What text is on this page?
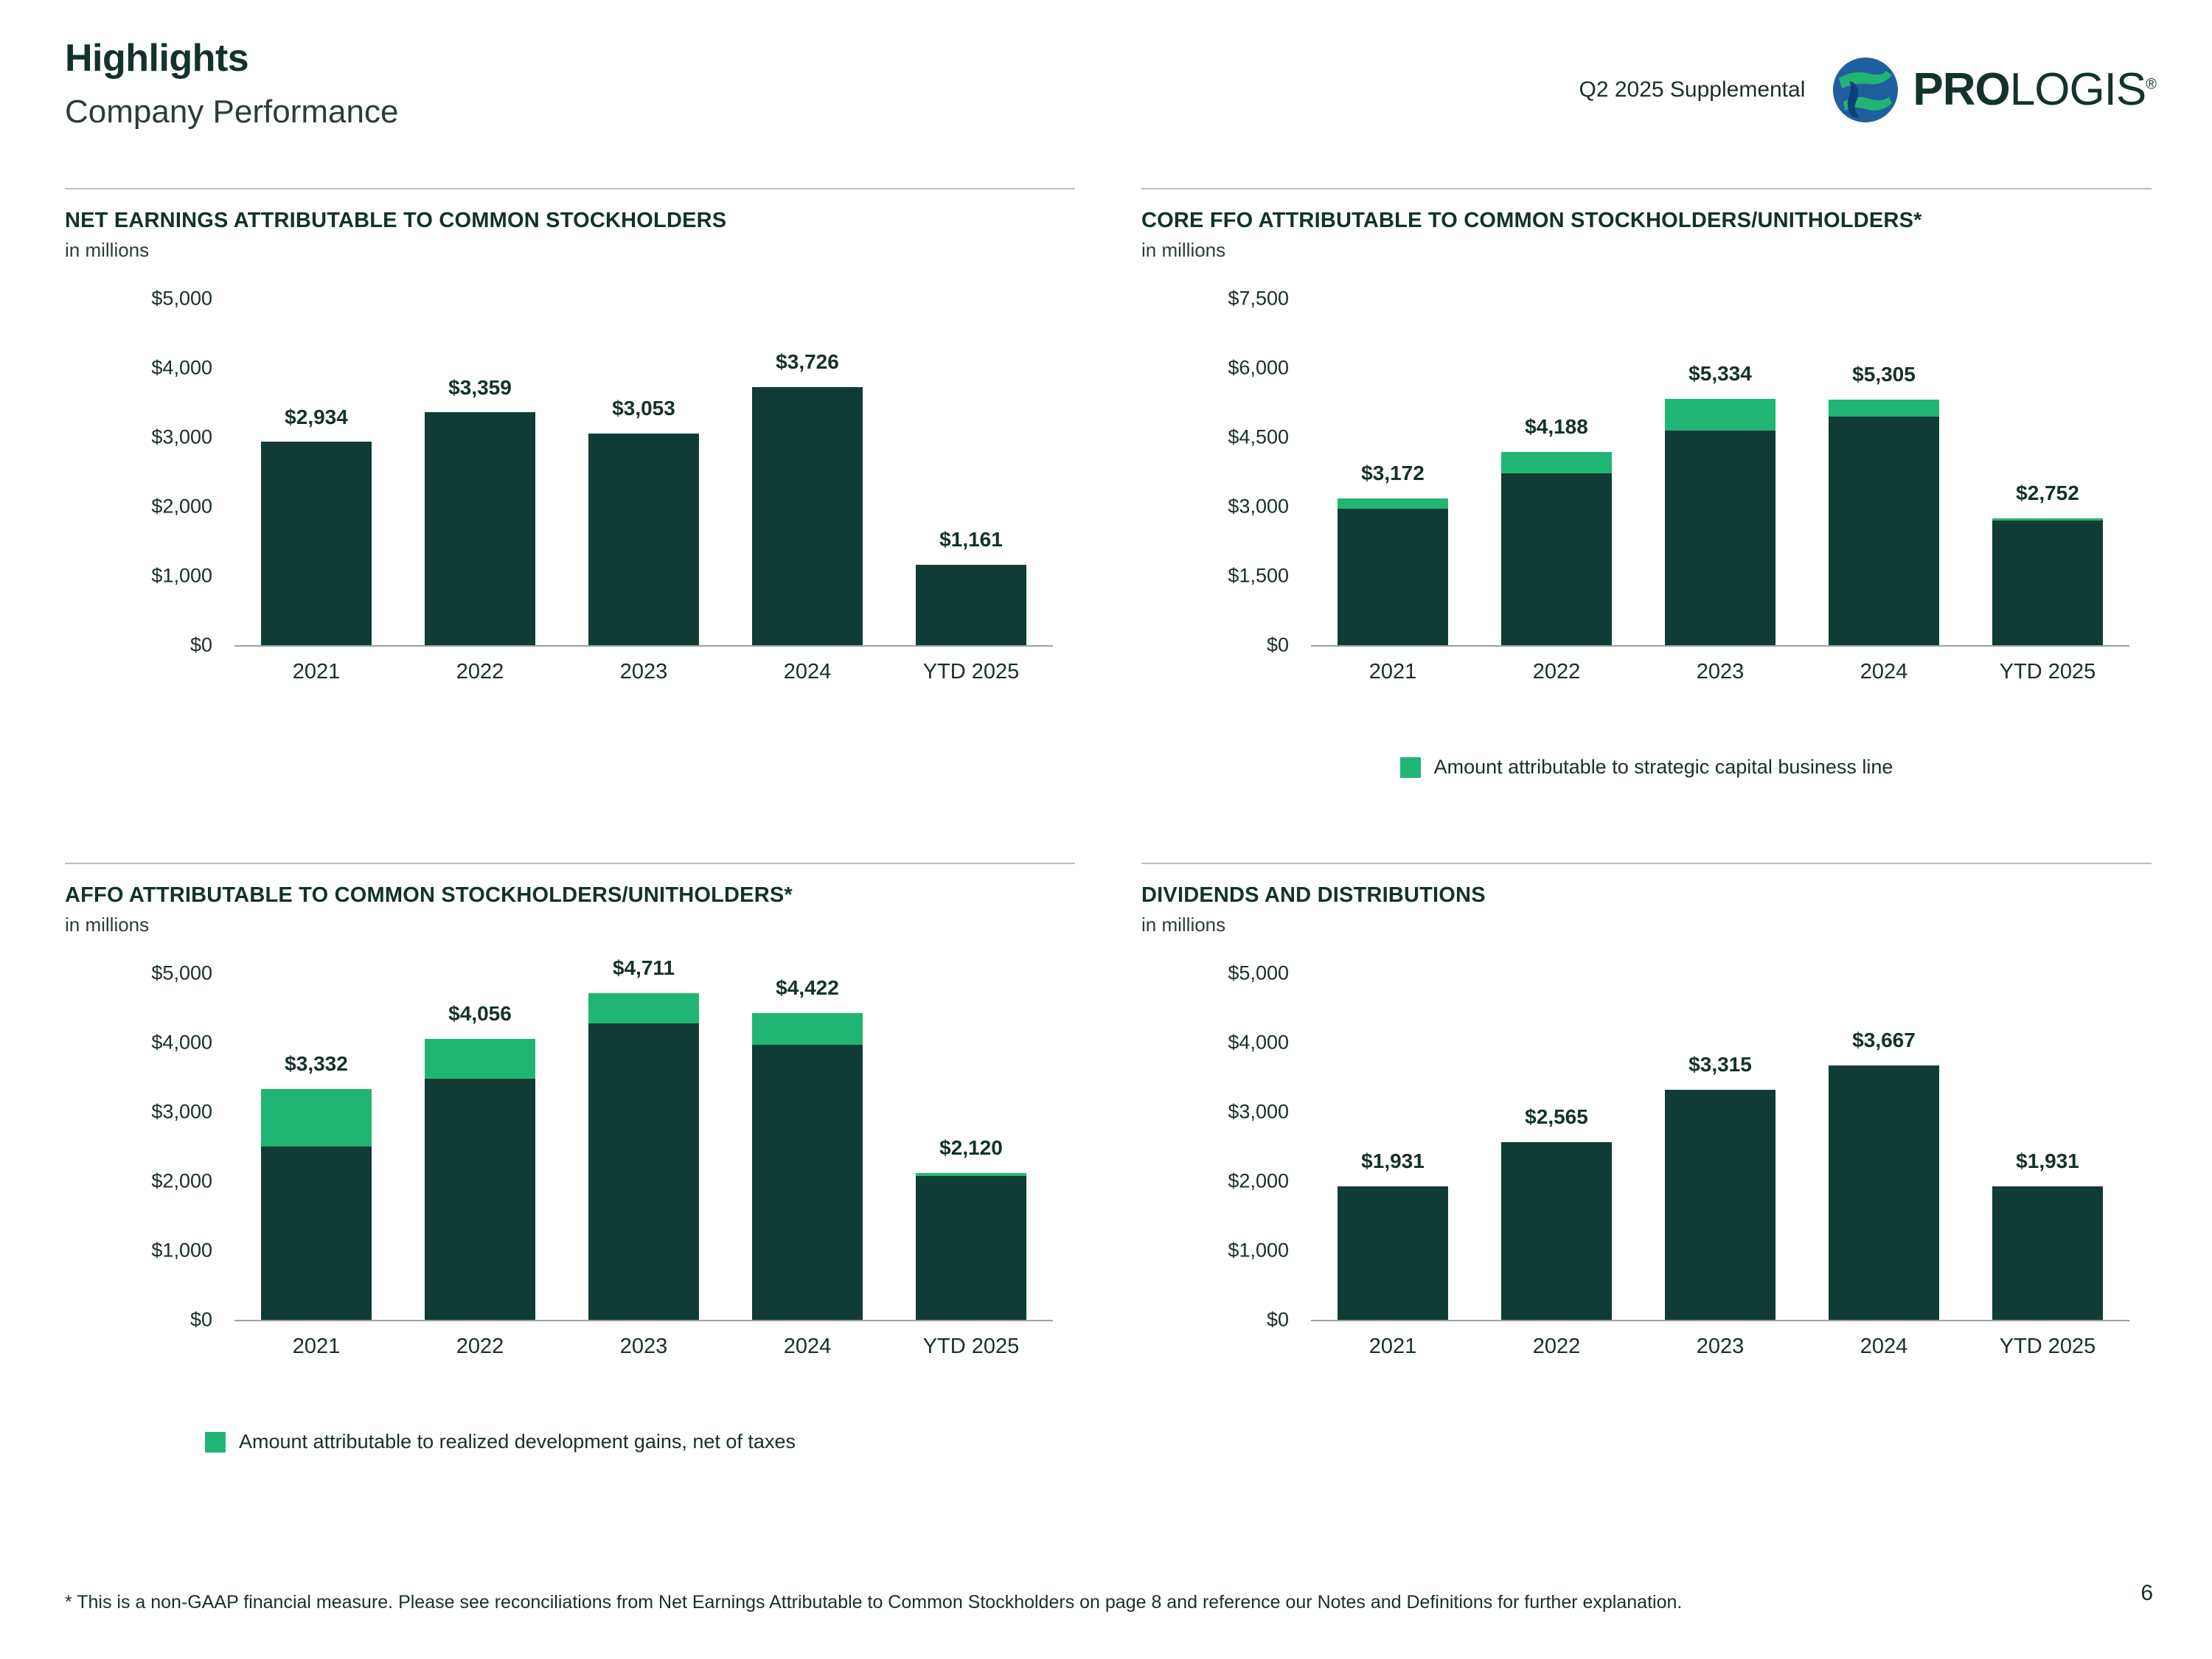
Highlights
Company Performance
Q2 2025 Supplemental PROLOGIS®
NET EARNINGS ATTRIBUTABLE TO COMMON STOCKHOLDERS
in millions
$5,000
$4,000
$3,000
$2,000
$1,000
$0
$2,934
$3,359
$3,053
$3,726
$1,161
2021	2022	2023	2024	YTD 2025
CORE FFO ATTRIBUTABLE TO COMMON STOCKHOLDERS/UNITHOLDERS*
in millions
$7,500
$6,000
$4,500
$3,000
$1,500
$0
$3,172
$4,188
$5,334	$5,305
$2,752
2021	2022	2023	2024	YTD 2025
Amount attributable to strategic capital business line
AFFO ATTRIBUTABLE TO COMMON STOCKHOLDERS/UNITHOLDERS*
in millions
$5,000
$4,000
$3,000
$2,000
$1,000
$0
$3,332
$4,056
$4,711
$4,422
$2,120
2021	2022	2023	2024	YTD 2025
Amount attributable to realized development gains, net of taxes
DIVIDENDS AND DISTRIBUTIONS
in millions
$5,000
$4,000
$3,000
$2,000
$1,000
$0
$1,931
$2,565
$3,315
$3,667
$1,931
2021	2022	2023	2024	YTD 2025
* This is a non-GAAP financial measure. Please see reconciliations from Net Earnings Attributable to Common Stockholders on page 8 and reference our Notes and Definitions for further explanation.	6
